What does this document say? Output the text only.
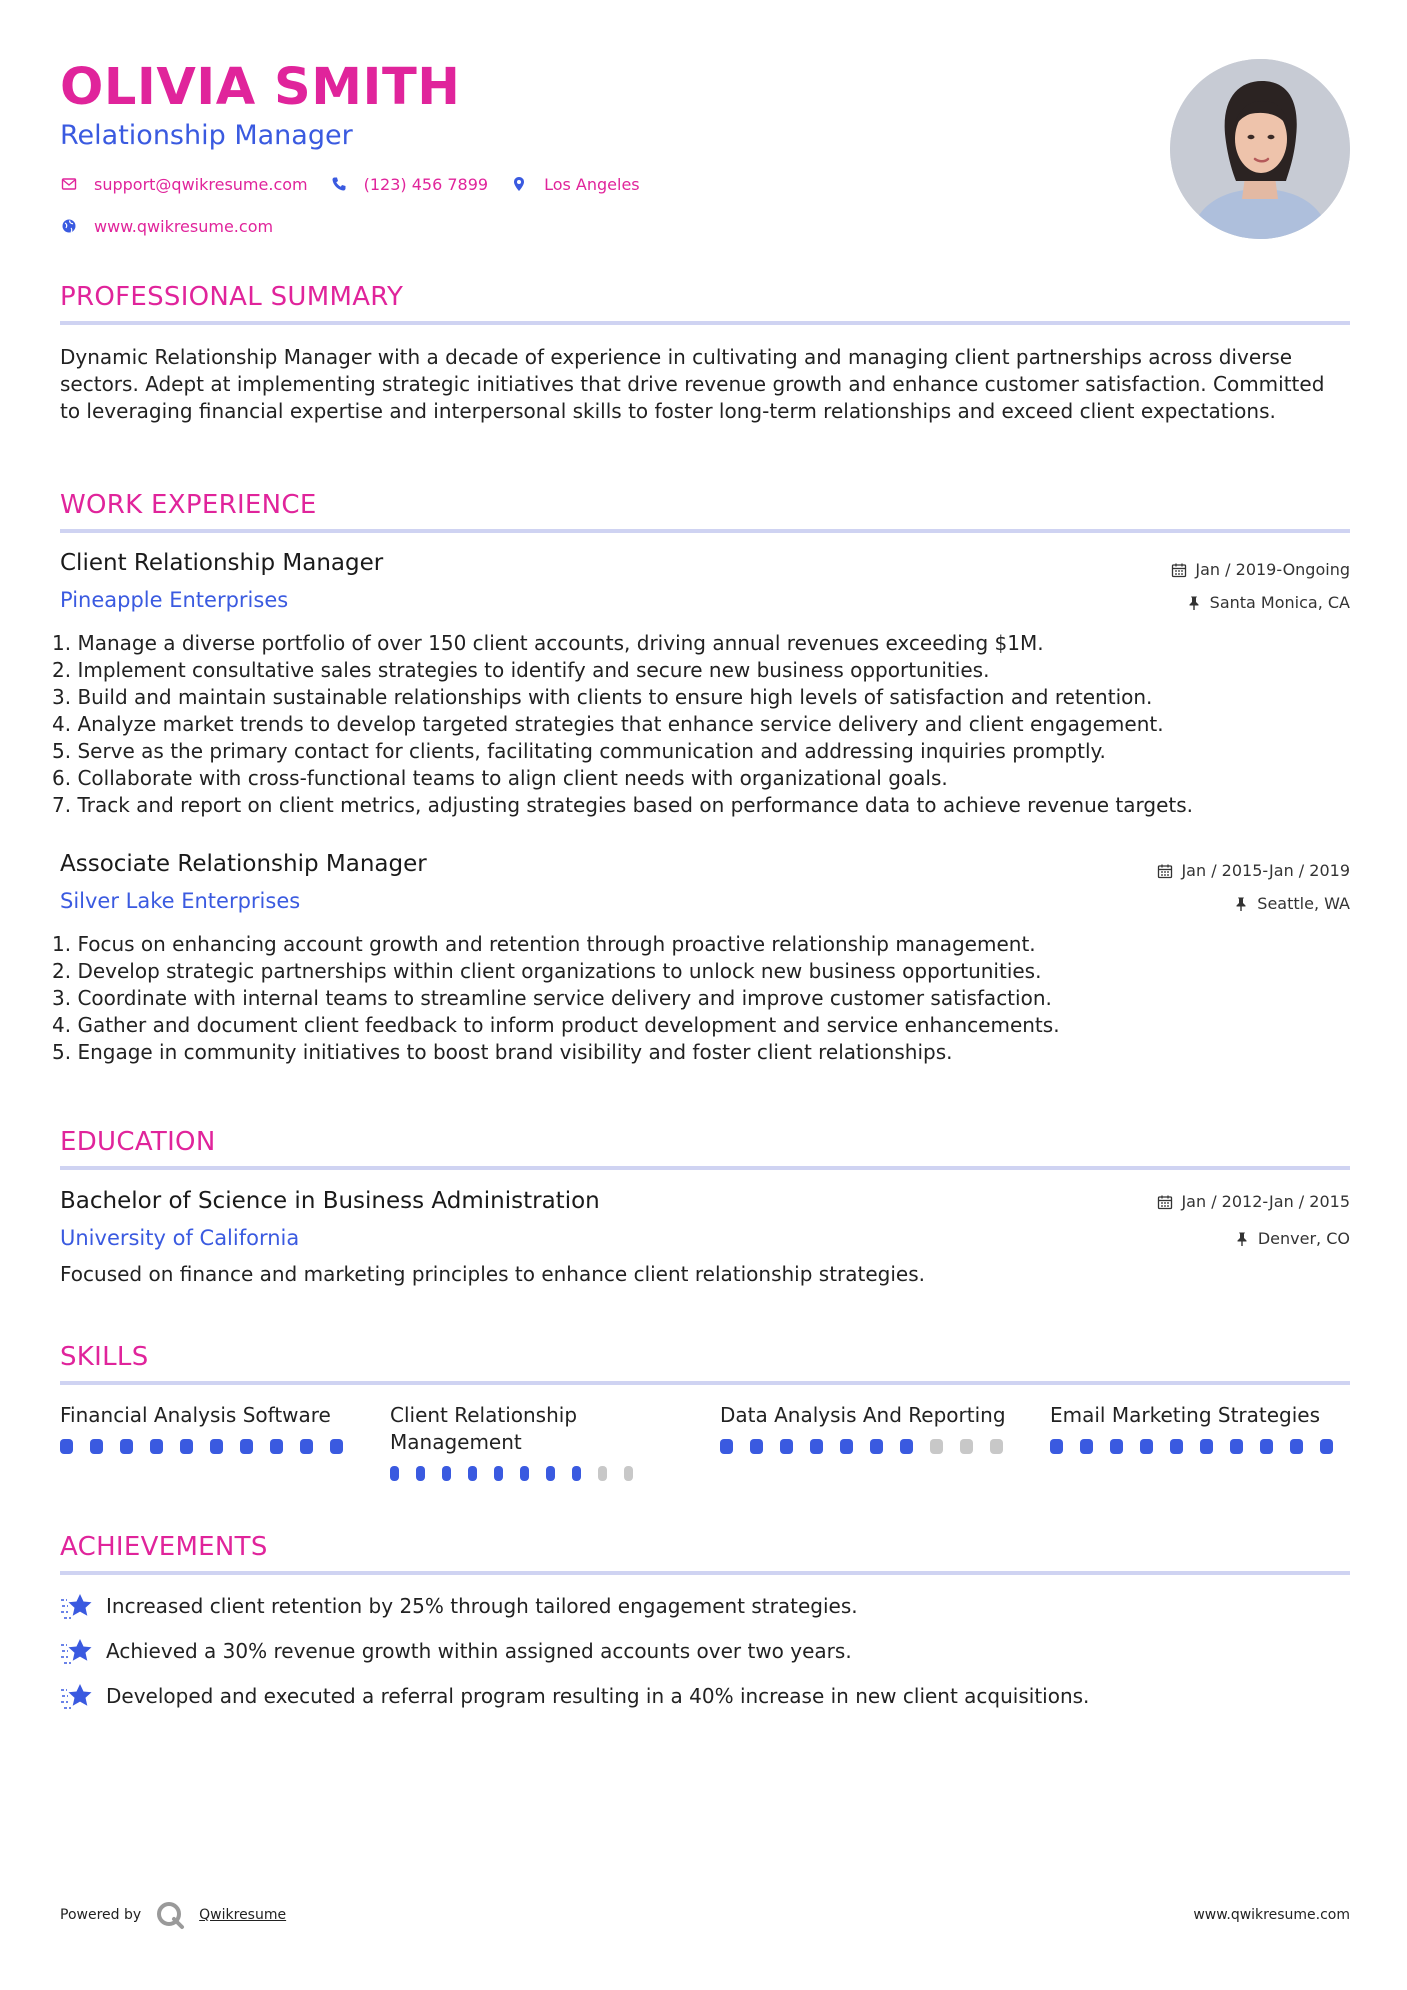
OLIVIA SMITH
Relationship Manager
support@qwikresume.com	(123) 456 7899	Los Angeles
www.qwikresume.com
PROFESSIONAL SUMMARY
Dynamic Relationship Manager with a decade of experience in cultivating and managing client partnerships across diverse sectors. Adept at implementing strategic initiatives that drive revenue growth and enhance customer satisfaction. Committed to leveraging financial expertise and interpersonal skills to foster long-term relationships and exceed client expectations.
WORK EXPERIENCE
Client Relationship Manager	Jan / 2019-Ongoing
Pineapple Enterprises	Santa Monica, CA
1. Manage a diverse portfolio of over 150 client accounts, driving annual revenues exceeding $1M.
2. Implement consultative sales strategies to identify and secure new business opportunities.
3. Build and maintain sustainable relationships with clients to ensure high levels of satisfaction and retention.
4. Analyze market trends to develop targeted strategies that enhance service delivery and client engagement.
5. Serve as the primary contact for clients, facilitating communication and addressing inquiries promptly.
6. Collaborate with cross-functional teams to align client needs with organizational goals.
7. Track and report on client metrics, adjusting strategies based on performance data to achieve revenue targets.
Associate Relationship Manager	Jan / 2015-Jan / 2019
Silver Lake Enterprises	Seattle, WA
1. Focus on enhancing account growth and retention through proactive relationship management.
2. Develop strategic partnerships within client organizations to unlock new business opportunities.
3. Coordinate with internal teams to streamline service delivery and improve customer satisfaction.
4. Gather and document client feedback to inform product development and service enhancements.
5. Engage in community initiatives to boost brand visibility and foster client relationships.
EDUCATION
Bachelor of Science in Business Administration	Jan / 2012-Jan / 2015
University of California	Denver, CO
Focused on finance and marketing principles to enhance client relationship strategies.
SKILLS
Financial Analysis Software	Client Relationship Management
Data Analysis And Reporting	Email Marketing Strategies
ACHIEVEMENTS
Increased client retention by 25% through tailored engagement strategies.
Achieved a 30% revenue growth within assigned accounts over two years.
Developed and executed a referral program resulting in a 40% increase in new client acquisitions.
Powered by	Qwikresume	www.qwikresume.com
